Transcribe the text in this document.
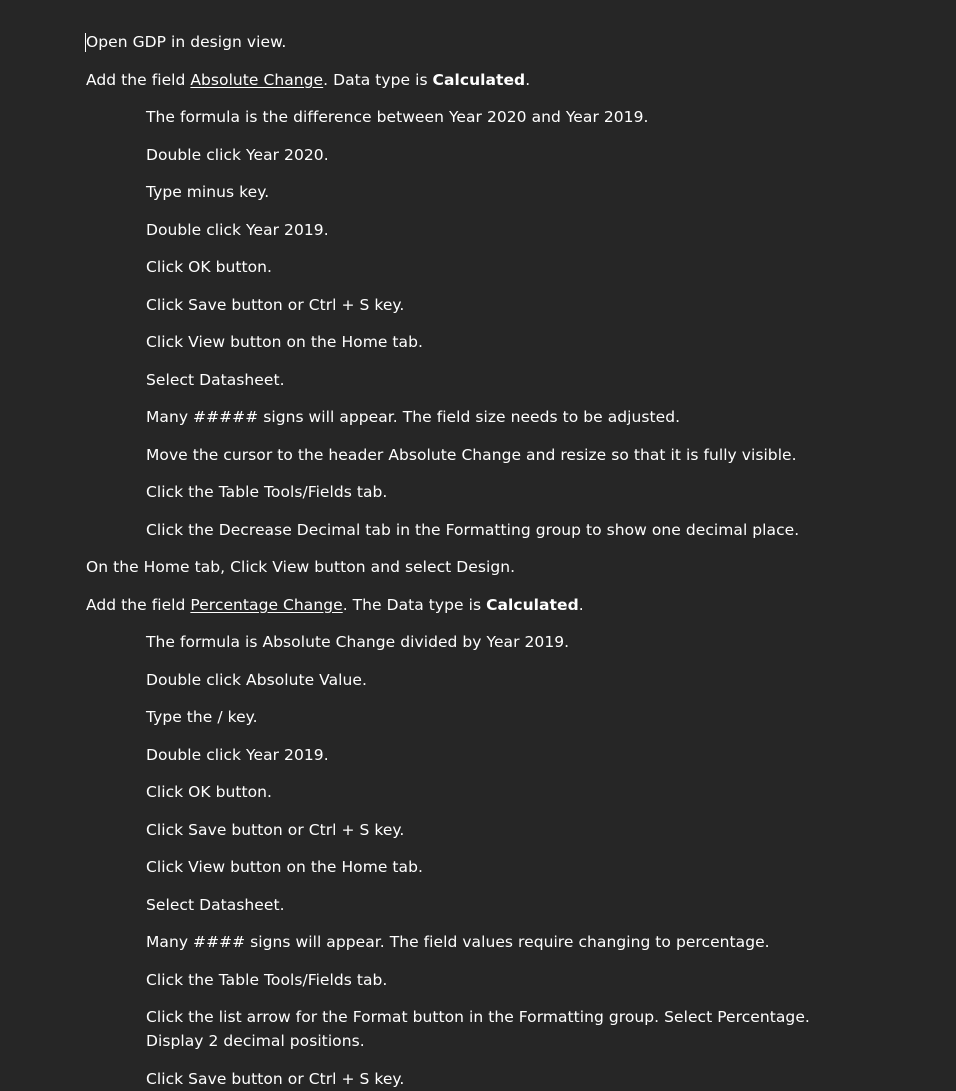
Open GDP in design view.
Add the field Absolute Change. Data type is Calculated.
The formula is the difference between Year 2020 and Year 2019.
Double click Year 2020.
Type minus key.
Double click Year 2019.
Click OK button.
Click Save button or Ctrl + S key.
Click View button on the Home tab.
Select Datasheet.
Many ##### signs will appear. The field size needs to be adjusted.
Move the cursor to the header Absolute Change and resize so that it is fully visible.
Click the Table Tools/Fields tab.
Click the Decrease Decimal tab in the Formatting group to show one decimal place.
On the Home tab, Click View button and select Design.
Add the field Percentage Change. The Data type is Calculated.
The formula is Absolute Change divided by Year 2019.
Double click Absolute Value.
Type the / key.
Double click Year 2019.
Click OK button.
Click Save button or Ctrl + S key.
Click View button on the Home tab.
Select Datasheet.
Many #### signs will appear. The field values require changing to percentage.
Click the Table Tools/Fields tab.
Click the list arrow for the Format button in the Formatting group. Select Percentage. Display 2 decimal positions.
Click Save button or Ctrl + S key.
